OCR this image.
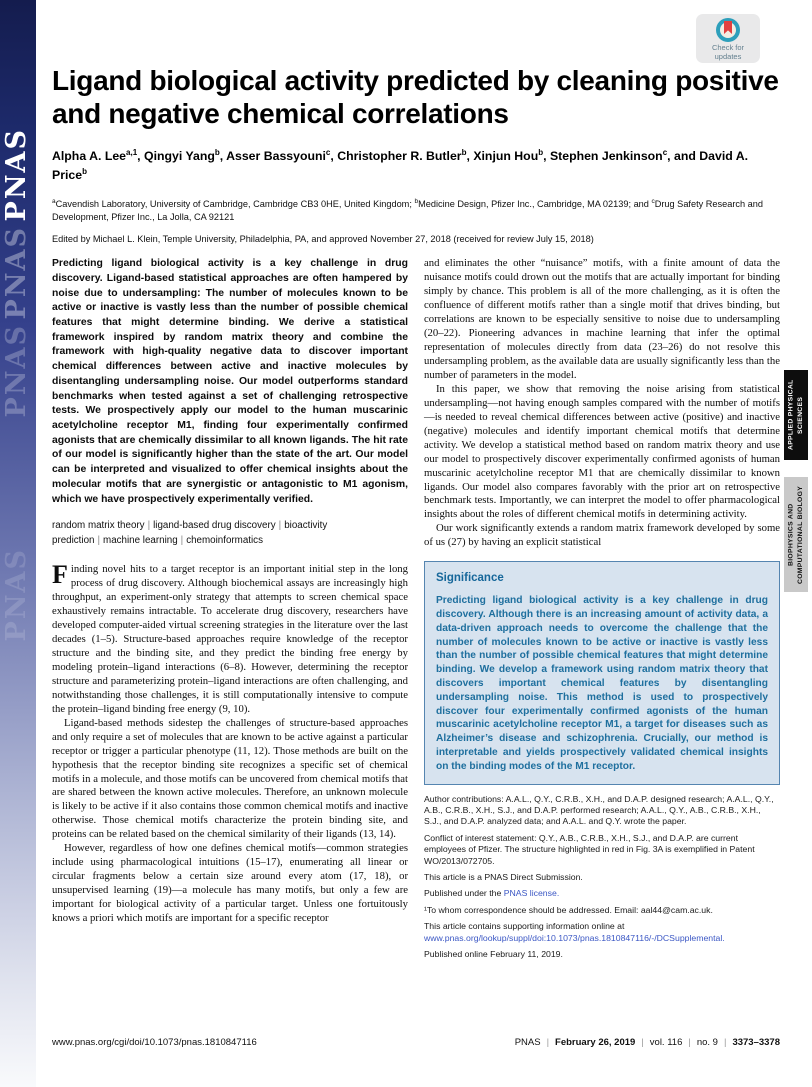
PNAS
PNAS
PNAS
PNAS
Check for
updates
APPLIED PHYSICAL SCIENCES
BIOPHYSICS AND COMPUTATIONAL BIOLOGY
Ligand biological activity predicted by cleaning positive and negative chemical correlations
Alpha A. Lee$^{a,1}$, Qingyi Yang$^b$, Asser Bassyouni$^c$, Christopher R. Butler$^b$, Xinjun Hou$^b$, Stephen Jenkinson$^c$, and David A. Price$^b$
$^a$Cavendish Laboratory, University of Cambridge, Cambridge CB3 0HE, United Kingdom; $^b$Medicine Design, Pfizer Inc., Cambridge, MA 02139; and $^c$Drug Safety Research and Development, Pfizer Inc., La Jolla, CA 92121
Edited by Michael L. Klein, Temple University, Philadelphia, PA, and approved November 27, 2018 (received for review July 15, 2018)
Predicting ligand biological activity is a key challenge in drug discovery. Ligand-based statistical approaches are often hampered by noise due to undersampling: The number of molecules known to be active or inactive is vastly less than the number of possible chemical features that might determine binding. We derive a statistical framework inspired by random matrix theory and combine the framework with high-quality negative data to discover important chemical differences between active and inactive molecules by disentangling undersampling noise. Our model outperforms standard benchmarks when tested against a set of challenging retrospective tests. We prospectively apply our model to the human muscarinic acetylcholine receptor M1, finding four experimentally confirmed agonists that are chemically dissimilar to all known ligands. The hit rate of our model is significantly higher than the state of the art. Our model can be interpreted and visualized to offer chemical insights about the molecular motifs that are synergistic or antagonistic to M1 agonism, which we have prospectively experimentally verified.
random matrix theory | ligand-based drug discovery | bioactivity prediction | machine learning | chemoinformatics

Finding novel hits to a target receptor is an important initial step in the long process of drug discovery. Although biochemical assays are increasingly high throughput, an experiment-only strategy that attempts to screen chemical space exhaustively remains intractable. To accelerate drug discovery, researchers have developed computer-aided virtual screening strategies in the literature over the last decades (1–5). Structure-based approaches require knowledge of the receptor structure and the binding site, and they predict the binding free energy by modeling protein–ligand interactions (6–8). However, determining the receptor structure and parameterizing protein–ligand interactions are often challenging, and notwithstanding those challenges, it is still computationally intensive to compute the protein–ligand binding free energy (9, 10).

Ligand-based methods sidestep the challenges of structure-based approaches and only require a set of molecules that are known to be active against a particular receptor or trigger a particular phenotype (11, 12). Those methods are built on the hypothesis that the receptor binding site recognizes a specific set of chemical motifs in a molecule, and those motifs can be uncovered from chemical motifs that are shared between the known active molecules. Therefore, an unknown molecule is likely to be active if it also contains those common chemical motifs and inactive otherwise. Those chemical motifs characterize the protein binding site, and proteins can be related based on the chemical similarity of their ligands (13, 14).

However, regardless of how one defines chemical motifs—common strategies include using pharmacological intuitions (15–17), enumerating all linear or circular fragments below a certain size around every atom (17, 18), or unsupervised learning (19)—a molecule has many motifs, but only a few are important for biological activity of a particular target. Unless one fortuitously knows a priori which motifs are important for a specific receptor

and eliminates the other “nuisance” motifs, with a finite amount of data the nuisance motifs could drown out the motifs that are actually important for binding simply by chance. This problem is all of the more challenging, as it is often the confluence of different motifs rather than a single motif that drives binding, but correlations are known to be especially sensitive to noise due to undersampling (20–22). Pioneering advances in machine learning that infer the optimal representation of molecules directly from data (23–26) do not resolve this undersampling problem, as the available data are usually significantly less than the number of parameters in the model.

In this paper, we show that removing the noise arising from statistical undersampling—not having enough samples compared with the number of motifs—is needed to reveal chemical differences between active (positive) and inactive (negative) molecules and identify important chemical motifs that determine activity. We develop a statistical method based on random matrix theory and use our model to prospectively discover experimentally confirmed agonists of human muscarinic acetylcholine receptor M1 that are chemically dissimilar to known ligands. Our model also compares favorably with the prior art on retrospective benchmark tests. Importantly, we can interpret the model to offer pharmacological insights about the roles of different chemical motifs in determining activity.

Our work significantly extends a random matrix framework developed by some of us (27) by having an explicit statistical

Significance
Predicting ligand biological activity is a key challenge in drug discovery. Although there is an increasing amount of activity data, a data-driven approach needs to overcome the challenge that the number of molecules known to be active or inactive is vastly less than the number of possible chemical features that might determine binding. We develop a framework using random matrix theory that discovers important chemical features by disentangling undersampling noise. This method is used to prospectively discover four experimentally confirmed agonists of the human muscarinic acetylcholine receptor M1, a target for diseases such as Alzheimer’s disease and schizophrenia. Crucially, our method is interpretable and yields prospectively validated chemical insights on the binding modes of the M1 receptor.
Author contributions: A.A.L., Q.Y., C.R.B., X.H., and D.A.P. designed research; A.A.L., Q.Y., A.B., C.R.B., X.H., S.J., and D.A.P. performed research; A.A.L., Q.Y., A.B., C.R.B., X.H., S.J., and D.A.P. analyzed data; and A.A.L. and Q.Y. wrote the paper.
Conflict of interest statement: Q.Y., A.B., C.R.B., X.H., S.J., and D.A.P. are current employees of Pfizer. The structure highlighted in red in Fig. 3A is exemplified in Patent WO/2013/072705.
This article is a PNAS Direct Submission.
Published under the PNAS license.
¹To whom correspondence should be addressed. Email: aal44@cam.ac.uk.
This article contains supporting information online at www.pnas.org/lookup/suppl/doi:10.1073/pnas.1810847116/-/DCSupplemental.
Published online February 11, 2019.
www.pnas.org/cgi/doi/10.1073/pnas.1810847116	PNAS | February 26, 2019 | vol. 116 | no. 9 | 3373–3378
